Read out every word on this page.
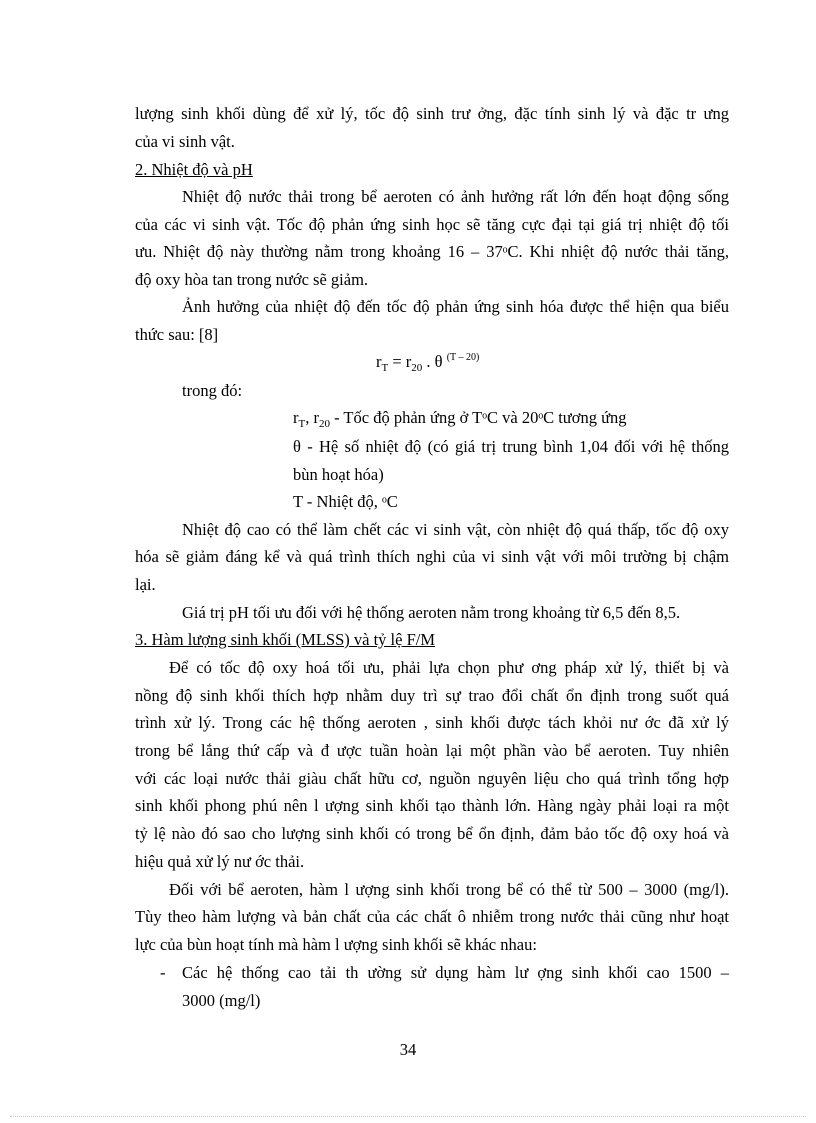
lượng sinh khối dùng để xử lý, tốc độ sinh trư ởng, đặc tính sinh lý và đặc tr ưng
của vi sinh vật.
2. Nhiệt độ và pH
Nhiệt độ nước thải trong bể aeroten có ảnh hưởng rất lớn đến hoạt động sống
của các vi sinh vật. Tốc độ phản ứng sinh học sẽ tăng cực đại tại giá trị nhiệt độ tối
ưu. Nhiệt độ này thường nằm trong khoảng 16 – 37ᵒC. Khi nhiệt độ nước thải tăng,
độ oxy hòa tan trong nước sẽ giảm.
Ảnh hưởng của nhiệt độ đến tốc độ phản ứng sinh hóa được thể hiện qua biểu
thức sau: [8]
$r_T = r_{20}$ . θ $^{(T - 20)}$
trong đó:
$r_T$, $r_{20}$ - Tốc độ phản ứng ở TᵒC và 20ᵒC tương ứng
θ - Hệ số nhiệt độ (có giá trị trung bình 1,04 đối với hệ thống
bùn hoạt hóa)
T - Nhiệt độ, ᵒC
Nhiệt độ cao có thể làm chết các vi sinh vật, còn nhiệt độ quá thấp, tốc độ oxy
hóa sẽ giảm đáng kể và quá trình thích nghi của vi sinh vật với môi trường bị chậm
lại.
Giá trị pH tối ưu đối với hệ thống aeroten nằm trong khoảng từ 6,5 đến 8,5.
3. Hàm lượng sinh khối (MLSS) và tỷ lệ F/M
Để có tốc độ oxy hoá tối ưu, phải lựa chọn phư ơng pháp xử lý, thiết bị và
nồng độ sinh khối thích hợp nhằm duy trì sự trao đổi chất ổn định trong suốt quá
trình xử lý. Trong các hệ thống aeroten , sinh khối được tách khỏi nư ớc đã xử lý
trong bể lắng thứ cấp và đ ược tuần hoàn lại một phần vào bể aeroten. Tuy nhiên
với các loại nước thải giàu chất hữu cơ, nguồn nguyên liệu cho quá trình tổng hợp
sinh khối phong phú nên l ượng sinh khối tạo thành lớn. Hàng ngày phải loại ra một
tỷ lệ nào đó sao cho lượng sinh khối có trong bể ổn định, đảm bảo tốc độ oxy hoá và
hiệu quả xử lý nư ớc thải.
Đối với bể aeroten, hàm l ượng sinh khối trong bể có thể từ 500 – 3000 (mg/l).
Tùy theo hàm lượng và bản chất của các chất ô nhiễm trong nước thải cũng như hoạt
lực của bùn hoạt tính mà hàm l ượng sinh khối sẽ khác nhau:
-	Các hệ thống cao tải th ường sử dụng hàm lư ợng sinh khối cao 1500 –
3000 (mg/l)
34
